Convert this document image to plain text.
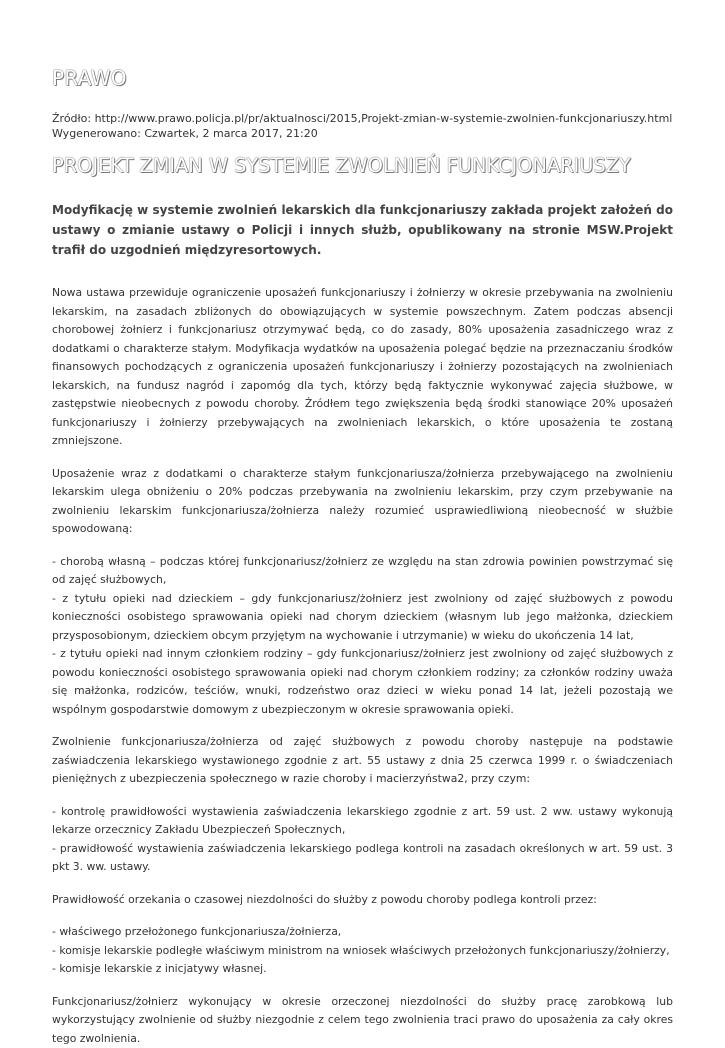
PRAWO
Źródło: http://www.prawo.policja.pl/pr/aktualnosci/2015,Projekt-zmian-w-systemie-zwolnien-funkcjonariuszy.html
Wygenerowano: Czwartek, 2 marca 2017, 21:20
PROJEKT ZMIAN W SYSTEMIE ZWOLNIEŃ FUNKCJONARIUSZY
Modyfikację w systemie zwolnień lekarskich dla funkcjonariuszy zakłada projekt założeń do ustawy o zmianie ustawy o Policji i innych służb, opublikowany na stronie MSW.Projekt trafił do uzgodnień międzyresortowych.

Nowa ustawa przewiduje ograniczenie uposażeń funkcjonariuszy i żołnierzy w okresie przebywania na zwolnieniu lekarskim, na zasadach zbliżonych do obowiązujących w systemie powszechnym. Zatem podczas absencji chorobowej żołnierz i funkcjonariusz otrzymywać będą, co do zasady, 80% uposażenia zasadniczego wraz z dodatkami o charakterze stałym. Modyfikacja wydatków na uposażenia polegać będzie na przeznaczaniu środków finansowych pochodzących z ograniczenia uposażeń funkcjonariuszy i żołnierzy pozostających na zwolnieniach lekarskich, na fundusz nagród i zapomóg dla tych, którzy będą faktycznie wykonywać zajęcia służbowe, w zastępstwie nieobecnych z powodu choroby. Źródłem tego zwiększenia będą środki stanowiące 20% uposażeń funkcjonariuszy i żołnierzy przebywających na zwolnieniach lekarskich, o które uposażenia te zostaną zmniejszone.

Uposażenie wraz z dodatkami o charakterze stałym funkcjonariusza/żołnierza przebywającego na zwolnieniu lekarskim ulega obniżeniu o 20% podczas przebywania na zwolnieniu lekarskim, przy czym przebywanie na zwolnieniu lekarskim funkcjonariusza/żołnierza należy rozumieć usprawiedliwioną nieobecność w służbie spowodowaną:

- chorobą własną – podczas której funkcjonariusz/żołnierz ze względu na stan zdrowia powinien powstrzymać się od zajęć służbowych,
- z tytułu opieki nad dzieckiem – gdy funkcjonariusz/żołnierz jest zwolniony od zajęć służbowych z powodu konieczności osobistego sprawowania opieki nad chorym dzieckiem (własnym lub jego małżonka, dzieckiem przysposobionym, dzieckiem obcym przyjętym na wychowanie i utrzymanie) w wieku do ukończenia 14 lat,
- z tytułu opieki nad innym członkiem rodziny – gdy funkcjonariusz/żołnierz jest zwolniony od zajęć służbowych z powodu konieczności osobistego sprawowania opieki nad chorym członkiem rodziny; za członków rodziny uważa się małżonka, rodziców, teściów, wnuki, rodzeństwo oraz dzieci w wieku ponad 14 lat, jeżeli pozostają we wspólnym gospodarstwie domowym z ubezpieczonym w okresie sprawowania opieki.

Zwolnienie funkcjonariusza/żołnierza od zajęć służbowych z powodu choroby następuje na podstawie zaświadczenia lekarskiego wystawionego zgodnie z art. 55 ustawy z dnia 25 czerwca 1999 r. o świadczeniach pieniężnych z ubezpieczenia społecznego w razie choroby i macierzyństwa2, przy czym:

- kontrolę prawidłowości wystawienia zaświadczenia lekarskiego zgodnie z art. 59 ust. 2 ww. ustawy wykonują lekarze orzecznicy Zakładu Ubezpieczeń Społecznych,
- prawidłowość wystawienia zaświadczenia lekarskiego podlega kontroli na zasadach określonych w art. 59 ust. 3 pkt 3. ww. ustawy.

Prawidłowość orzekania o czasowej niezdolności do służby z powodu choroby podlega kontroli przez:

- właściwego przełożonego funkcjonariusza/żołnierza,
- komisje lekarskie podległe właściwym ministrom na wniosek właściwych przełożonych funkcjonariuszy/żołnierzy,
- komisje lekarskie z inicjatywy własnej.

Funkcjonariusz/żołnierz wykonujący w okresie orzeczonej niezdolności do służby pracę zarobkową lub wykorzystujący zwolnienie od służby niezgodnie z celem tego zwolnienia traci prawo do uposażenia za cały okres tego zwolnienia.
